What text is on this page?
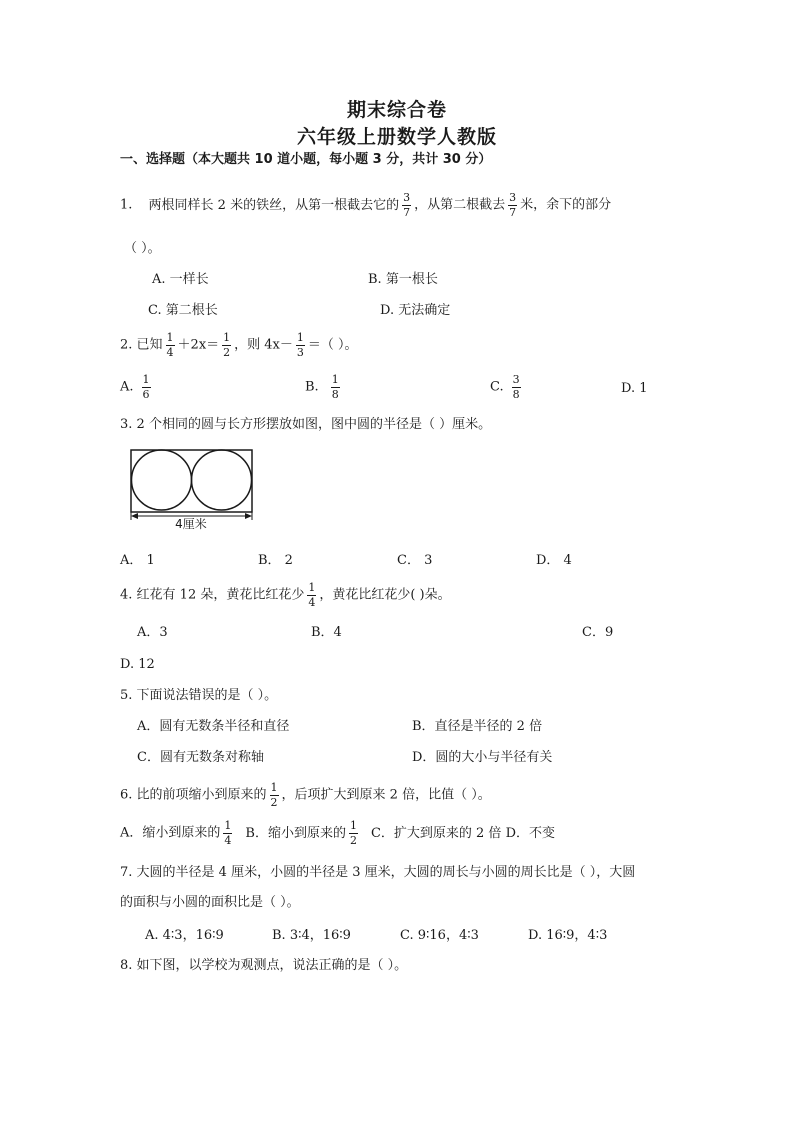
期末综合卷
六年级上册数学人教版
一、选择题（本大题共 10 道小题，每小题 3 分，共计 30 分）
1. 两根同样长 2 米的铁丝，从第一根截去它的 $\frac{3}{7}$ ，从第二根截去 $\frac{3}{7}$ 米，余下的部分
（ ）。
A. 一样长	B. 第一根长
C. 第二根长	D. 无法确定
2. 已知 $\frac{1}{4} +2x= \frac{1}{2}$ ，则 $4x- \frac{1}{3}$ ＝（ ）。
A. $\frac{1}{6}$	B. $\frac{1}{8}$	C. $\frac{3}{8}$	D. 1
3. 2 个相同的圆与长方形摆放如图，图中圆的半径是（ ）厘米。
4厘米
A． 1	B． 2	C． 3	D． 4
4. 红花有 12 朵，黄花比红花少 $\frac{1}{4}$ ，黄花比红花少( )朵。
A．3	B．4	C．9
D. 12
5. 下面说法错误的是（ ）。
A．圆有无数条半径和直径	B．直径是半径的 2 倍
C．圆有无数条对称轴	D．圆的大小与半径有关
6. 比的前项缩小到原来的 $\frac{1}{2}$ ，后项扩大到原来 2 倍，比值（ ）。
A．缩小到原来的 $\frac{1}{4}$ B．缩小到原来的 $\frac{1}{2}$ C．扩大到原来的 2 倍 D．不变
7. 大圆的半径是 4 厘米，小圆的半径是 3 厘米，大圆的周长与小圆的周长比是（ ），大圆
的面积与小圆的面积比是（ ）。
A. 4∶3，16∶9	B. 3∶4，16∶9	C. 9∶16，4∶3	D. 16∶9，4∶3
8. 如下图，以学校为观测点，说法正确的是（ ）。
